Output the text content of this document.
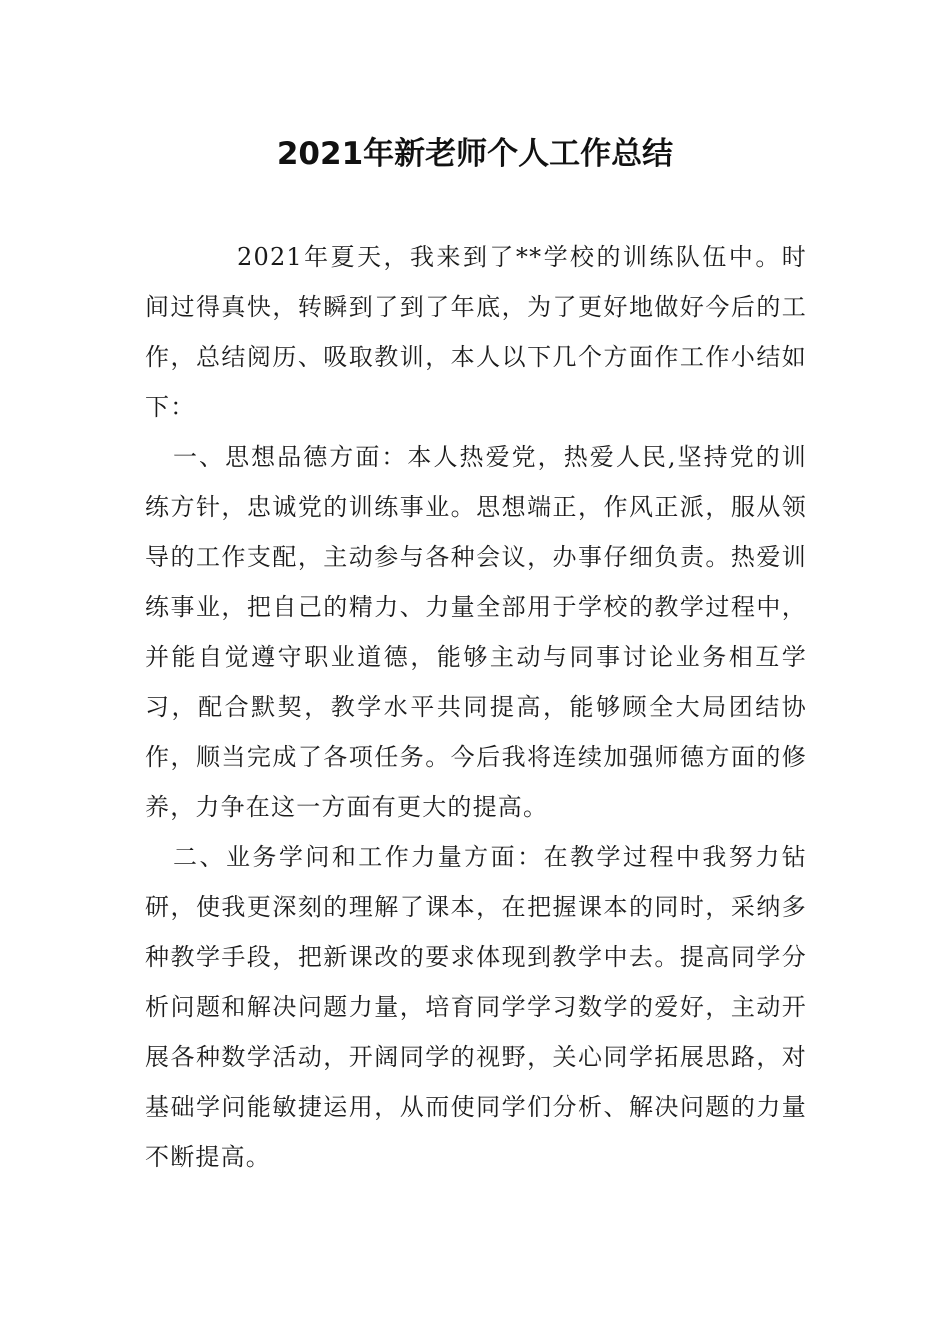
2021年新老师个人工作总结

2021年夏天，我来到了**学校的训练队伍中。时间过得真快，转瞬到了到了年底，为了更好地做好今后的工作，总结阅历、吸取教训，本人以下几个方面作工作小结如下：

一、思想品德方面：本人热爱党，热爱人民,坚持党的训练方针，忠诚党的训练事业。思想端正，作风正派，服从领导的工作支配，主动参与各种会议，办事仔细负责。热爱训练事业，把自己的精力、力量全部用于学校的教学过程中，并能自觉遵守职业道德，能够主动与同事讨论业务相互学习，配合默契，教学水平共同提高，能够顾全大局团结协作，顺当完成了各项任务。今后我将连续加强师德方面的修养，力争在这一方面有更大的提高。

二、业务学问和工作力量方面：在教学过程中我努力钻研，使我更深刻的理解了课本，在把握课本的同时，采纳多种教学手段，把新课改的要求体现到教学中去。提高同学分析问题和解决问题力量，培育同学学习数学的爱好，主动开展各种数学活动，开阔同学的视野，关心同学拓展思路，对基础学问能敏捷运用，从而使同学们分析、解决问题的力量不断提高。
